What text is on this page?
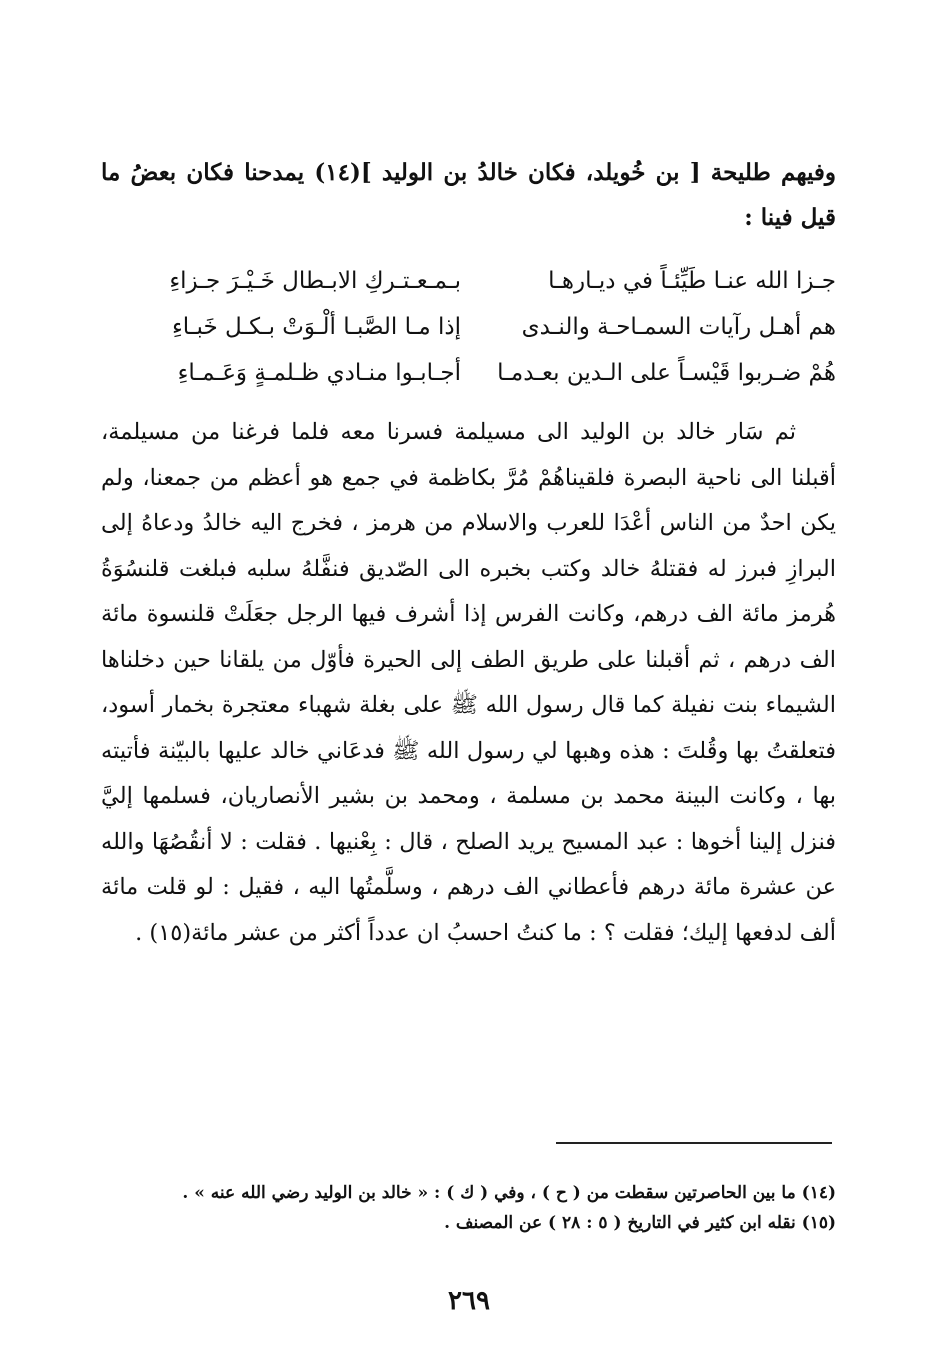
وفيهم طليحة [ بن خُويلد، فكان خالدُ بن الوليد ](١٤) يمدحنا فكان بعضُ ما قيل فينا :

جـزا الله عنـا طَيِّئـاً في ديـارهـا
بـمـعـتـركِ الابـطال خَـيْـرَ جـزاءِ
هم أهـل رآيات السمـاحـة والنـدى
إذا مـا الصَّبـا ألْـوَتْ بـكـل خَبـاءِ
هُمْ ضـربوا قَيْسـاً على الـدين بعـدمـا
أجـابـوا منـادي ظـلمـةٍ وَعَـمـاءِ

ثم سَار خالد بن الوليد الى مسيلمة فسرنا معه فلما فرغنا من مسيلمة، أقبلنا الى ناحية البصرة فلقيناهُمْ مُرَّ بكاظمة في جمع هو أعظم من جمعنا، ولم يكن احدٌ من الناس أعْدَا للعرب والاسلام من هرمز ، فخرج اليه خالدُ ودعاهُ إلى البرازِ فبرز له فقتلهُ خالد وكتب بخبره الى الصّديق فنفَّلهُ سلبه فبلغت قلنسُوَةُ هُرمز مائة الف درهم، وكانت الفرس إذا أشرف فيها الرجل جعَلَتْ قلنسوة مائة الف درهم ، ثم أقبلنا على طريق الطف إلى الحيرة فأوّل من يلقانا حين دخلناها الشيماء بنت نفيلة كما قال رسول الله ﷺ على بغلة شهباء معتجرة بخمار أسود، فتعلقتُ بها وقُلتَ : هذه وهبها لي رسول الله ﷺ فدعَاني خالد عليها بالبيّنة فأتيته بها ، وكانت البينة محمد بن مسلمة ، ومحمد بن بشير الأنصاريان، فسلمها إليَّ فنزل إلينا أخوها : عبد المسيح يريد الصلح ، قال : بِعْنيها . فقلت : لا أنقُصُهَا والله عن عشرة مائة درهم فأعطاني الف درهم ، وسلَّمتُها اليه ، فقيل : لو قلت مائة ألف لدفعها إليك؛ فقلت ؟ : ما كنتُ احسبُ ان عدداً أكثر من عشر مائة(١٥) .

(١٤) ما بين الحاصرتين سقطت من ( ح ) ، وفي ( ك ) : « خالد بن الوليد رضي الله عنه » .

(١٥) نقله ابن كثير في التاريخ ( ٥ : ٢٨ ) عن المصنف .

٢٦٩
